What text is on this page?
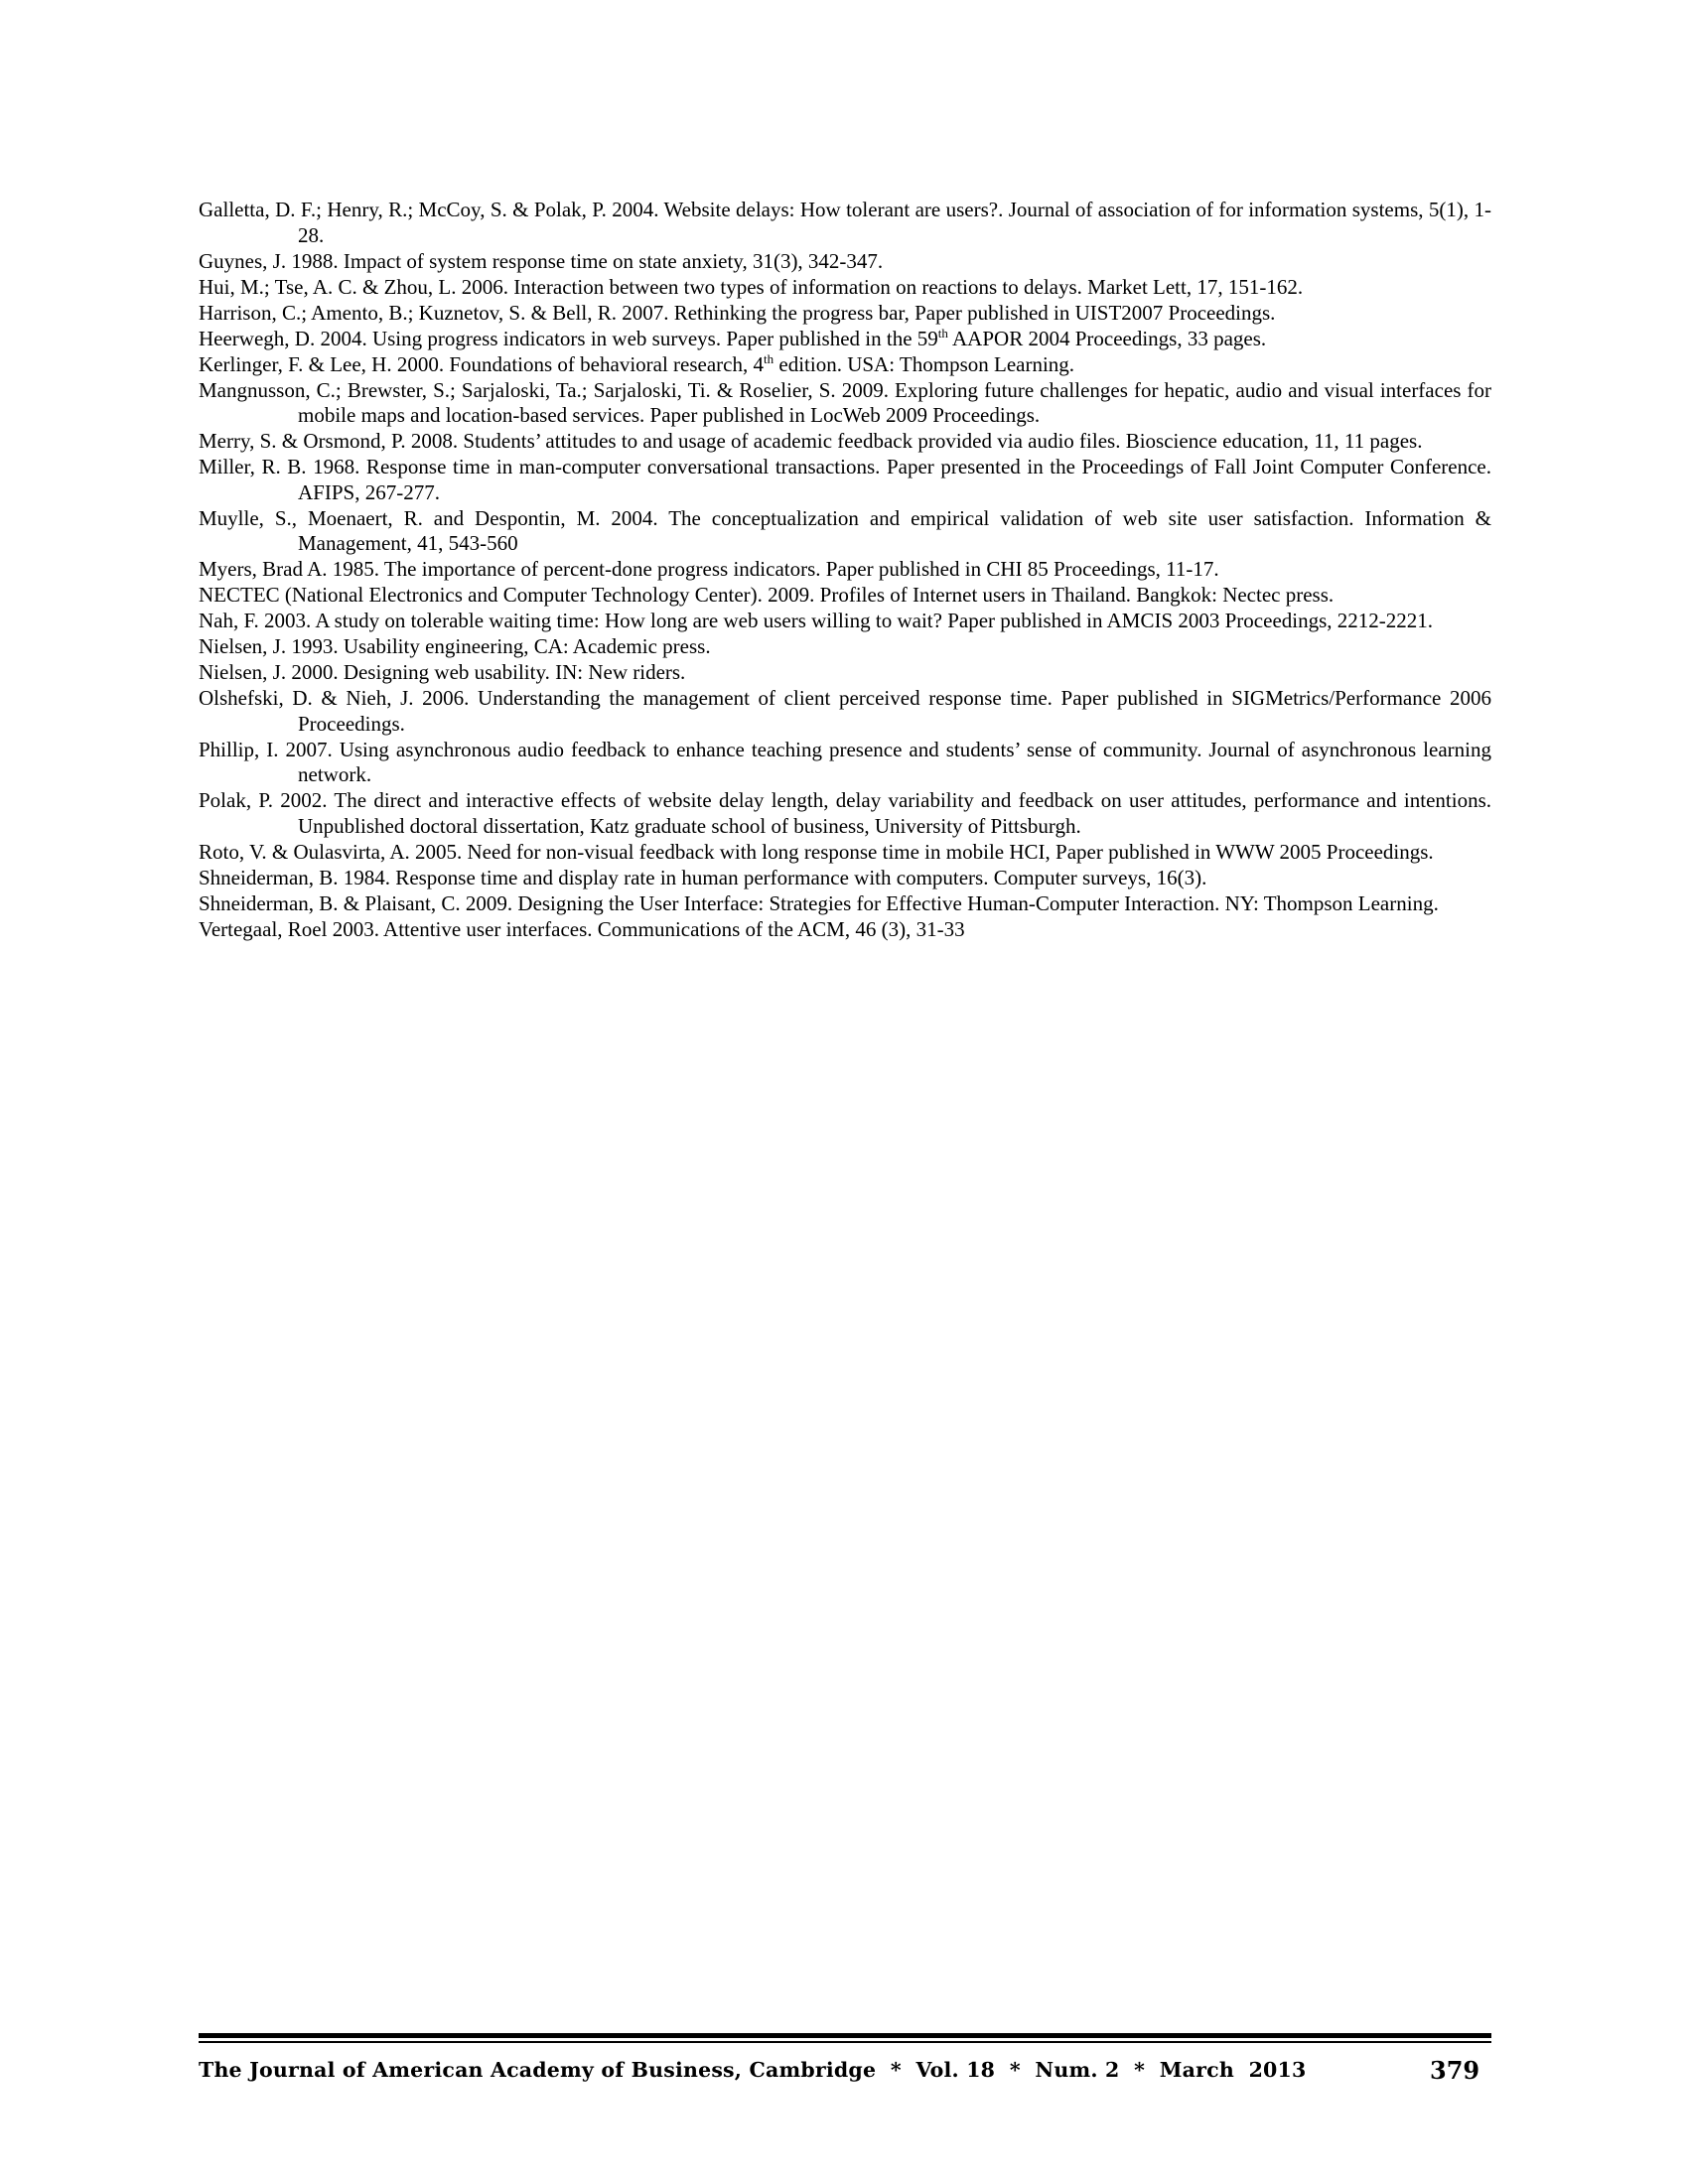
Galletta, D. F.; Henry, R.; McCoy, S. & Polak, P. 2004. Website delays: How tolerant are users?. Journal of association of for information systems, 5(1), 1-28.

Guynes, J. 1988. Impact of system response time on state anxiety, 31(3), 342-347.

Hui, M.; Tse, A. C. & Zhou, L. 2006. Interaction between two types of information on reactions to delays. Market Lett, 17, 151-162.

Harrison, C.; Amento, B.; Kuznetov, S. & Bell, R. 2007. Rethinking the progress bar, Paper published in UIST2007 Proceedings.

Heerwegh, D. 2004. Using progress indicators in web surveys. Paper published in the 59th AAPOR 2004 Proceedings, 33 pages.

Kerlinger, F. & Lee, H. 2000. Foundations of behavioral research, 4th edition. USA: Thompson Learning.

Mangnusson, C.; Brewster, S.; Sarjaloski, Ta.; Sarjaloski, Ti. & Roselier, S. 2009. Exploring future challenges for hepatic, audio and visual interfaces for mobile maps and location-based services. Paper published in LocWeb 2009 Proceedings.

Merry, S. & Orsmond, P. 2008. Students’ attitudes to and usage of academic feedback provided via audio files. Bioscience education, 11, 11 pages.

Miller, R. B. 1968. Response time in man-computer conversational transactions. Paper presented in the Proceedings of Fall Joint Computer Conference. AFIPS, 267-277.

Muylle, S., Moenaert, R. and Despontin, M. 2004. The conceptualization and empirical validation of web site user satisfaction. Information & Management, 41, 543-560

Myers, Brad A. 1985. The importance of percent-done progress indicators. Paper published in CHI 85 Proceedings, 11-17.

NECTEC (National Electronics and Computer Technology Center). 2009. Profiles of Internet users in Thailand. Bangkok: Nectec press.

Nah, F. 2003. A study on tolerable waiting time: How long are web users willing to wait? Paper published in AMCIS 2003 Proceedings, 2212-2221.

Nielsen, J. 1993. Usability engineering, CA: Academic press.

Nielsen, J. 2000. Designing web usability. IN: New riders.

Olshefski, D. & Nieh, J. 2006. Understanding the management of client perceived response time. Paper published in SIGMetrics/Performance 2006 Proceedings.

Phillip, I. 2007. Using asynchronous audio feedback to enhance teaching presence and students’ sense of community. Journal of asynchronous learning network.

Polak, P. 2002. The direct and interactive effects of website delay length, delay variability and feedback on user attitudes, performance and intentions. Unpublished doctoral dissertation, Katz graduate school of business, University of Pittsburgh.

Roto, V. & Oulasvirta, A. 2005. Need for non-visual feedback with long response time in mobile HCI, Paper published in WWW 2005 Proceedings.

Shneiderman, B. 1984. Response time and display rate in human performance with computers. Computer surveys, 16(3).

Shneiderman, B. & Plaisant, C. 2009. Designing the User Interface: Strategies for Effective Human-Computer Interaction. NY: Thompson Learning.

Vertegaal, Roel 2003. Attentive user interfaces. Communications of the ACM, 46 (3), 31-33

The Journal of American Academy of Business, Cambridge  *  Vol. 18  *  Num. 2  *  March  2013	379
